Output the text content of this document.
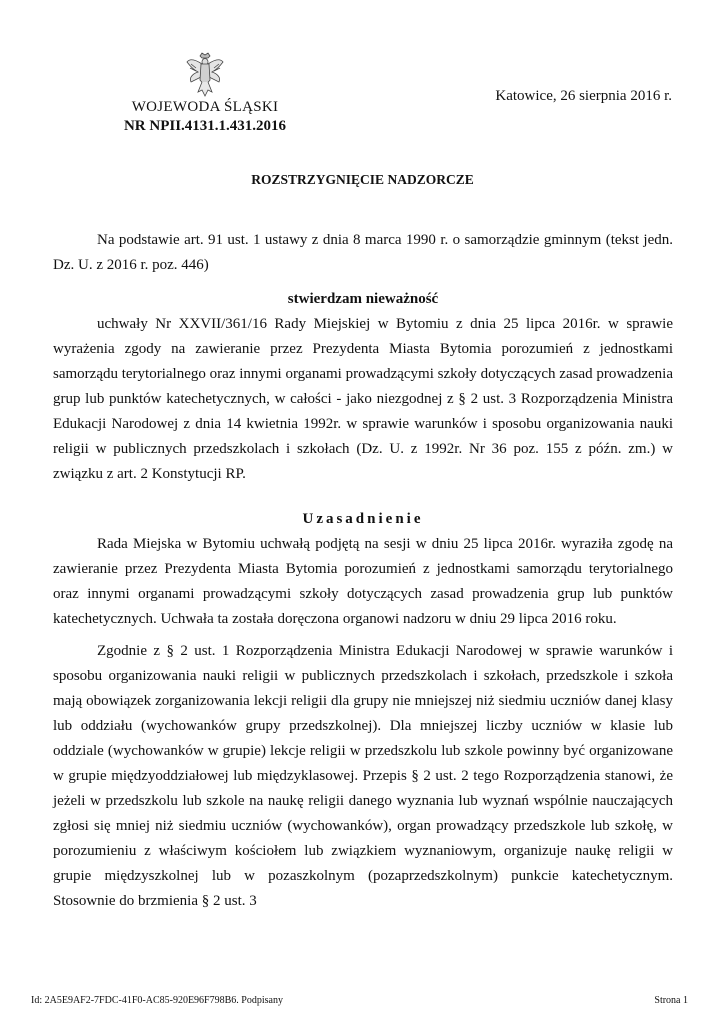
WOJEWODA ŚLĄSKI
NR NPII.4131.1.431.2016
Katowice, 26 sierpnia 2016 r.
ROZSTRZYGNIĘCIE NADZORCZE

Na podstawie art. 91 ust. 1 ustawy z dnia 8 marca 1990 r. o samorządzie gminnym (tekst jedn. Dz. U. z 2016 r. poz. 446)

stwierdzam nieważność

uchwały Nr XXVII/361/16 Rady Miejskiej w Bytomiu z dnia 25 lipca 2016r. w sprawie wyrażenia zgody na zawieranie przez Prezydenta Miasta Bytomia porozumień z jednostkami samorządu terytorialnego oraz innymi organami prowadzącymi szkoły dotyczących zasad prowadzenia grup lub punktów katechetycznych, w całości - jako niezgodnej z § 2 ust. 3 Rozporządzenia Ministra Edukacji Narodowej z dnia 14 kwietnia 1992r. w sprawie warunków i sposobu organizowania nauki religii w publicznych przedszkolach i szkołach (Dz. U. z 1992r. Nr 36 poz. 155 z późn. zm.) w związku z art. 2 Konstytucji RP.

Uzasadnienie

Rada Miejska w Bytomiu uchwałą podjętą na sesji w dniu 25 lipca 2016r. wyraziła zgodę na zawieranie przez Prezydenta Miasta Bytomia porozumień z jednostkami samorządu terytorialnego oraz innymi organami prowadzącymi szkoły dotyczących zasad prowadzenia grup lub punktów katechetycznych. Uchwała ta została doręczona organowi nadzoru w dniu 29 lipca 2016 roku.

Zgodnie z § 2 ust. 1 Rozporządzenia Ministra Edukacji Narodowej w sprawie warunków i sposobu organizowania nauki religii w publicznych przedszkolach i szkołach, przedszkole i szkoła mają obowiązek zorganizowania lekcji religii dla grupy nie mniejszej niż siedmiu uczniów danej klasy lub oddziału (wychowanków grupy przedszkolnej). Dla mniejszej liczby uczniów w klasie lub oddziale (wychowanków w grupie) lekcje religii w przedszkolu lub szkole powinny być organizowane w grupie międzyoddziałowej lub międzyklasowej. Przepis § 2 ust. 2 tego Rozporządzenia stanowi, że jeżeli w przedszkolu lub szkole na naukę religii danego wyznania lub wyznań wspólnie nauczających zgłosi się mniej niż siedmiu uczniów (wychowanków), organ prowadzący przedszkole lub szkołę, w porozumieniu z właściwym kościołem lub związkiem wyznaniowym, organizuje naukę religii w grupie międzyszkolnej lub w pozaszkolnym (pozaprzedszkolnym) punkcie katechetycznym. Stosownie do brzmienia § 2 ust. 3

Id: 2A5E9AF2-7FDC-41F0-AC85-920E96F798B6. Podpisany	Strona 1
